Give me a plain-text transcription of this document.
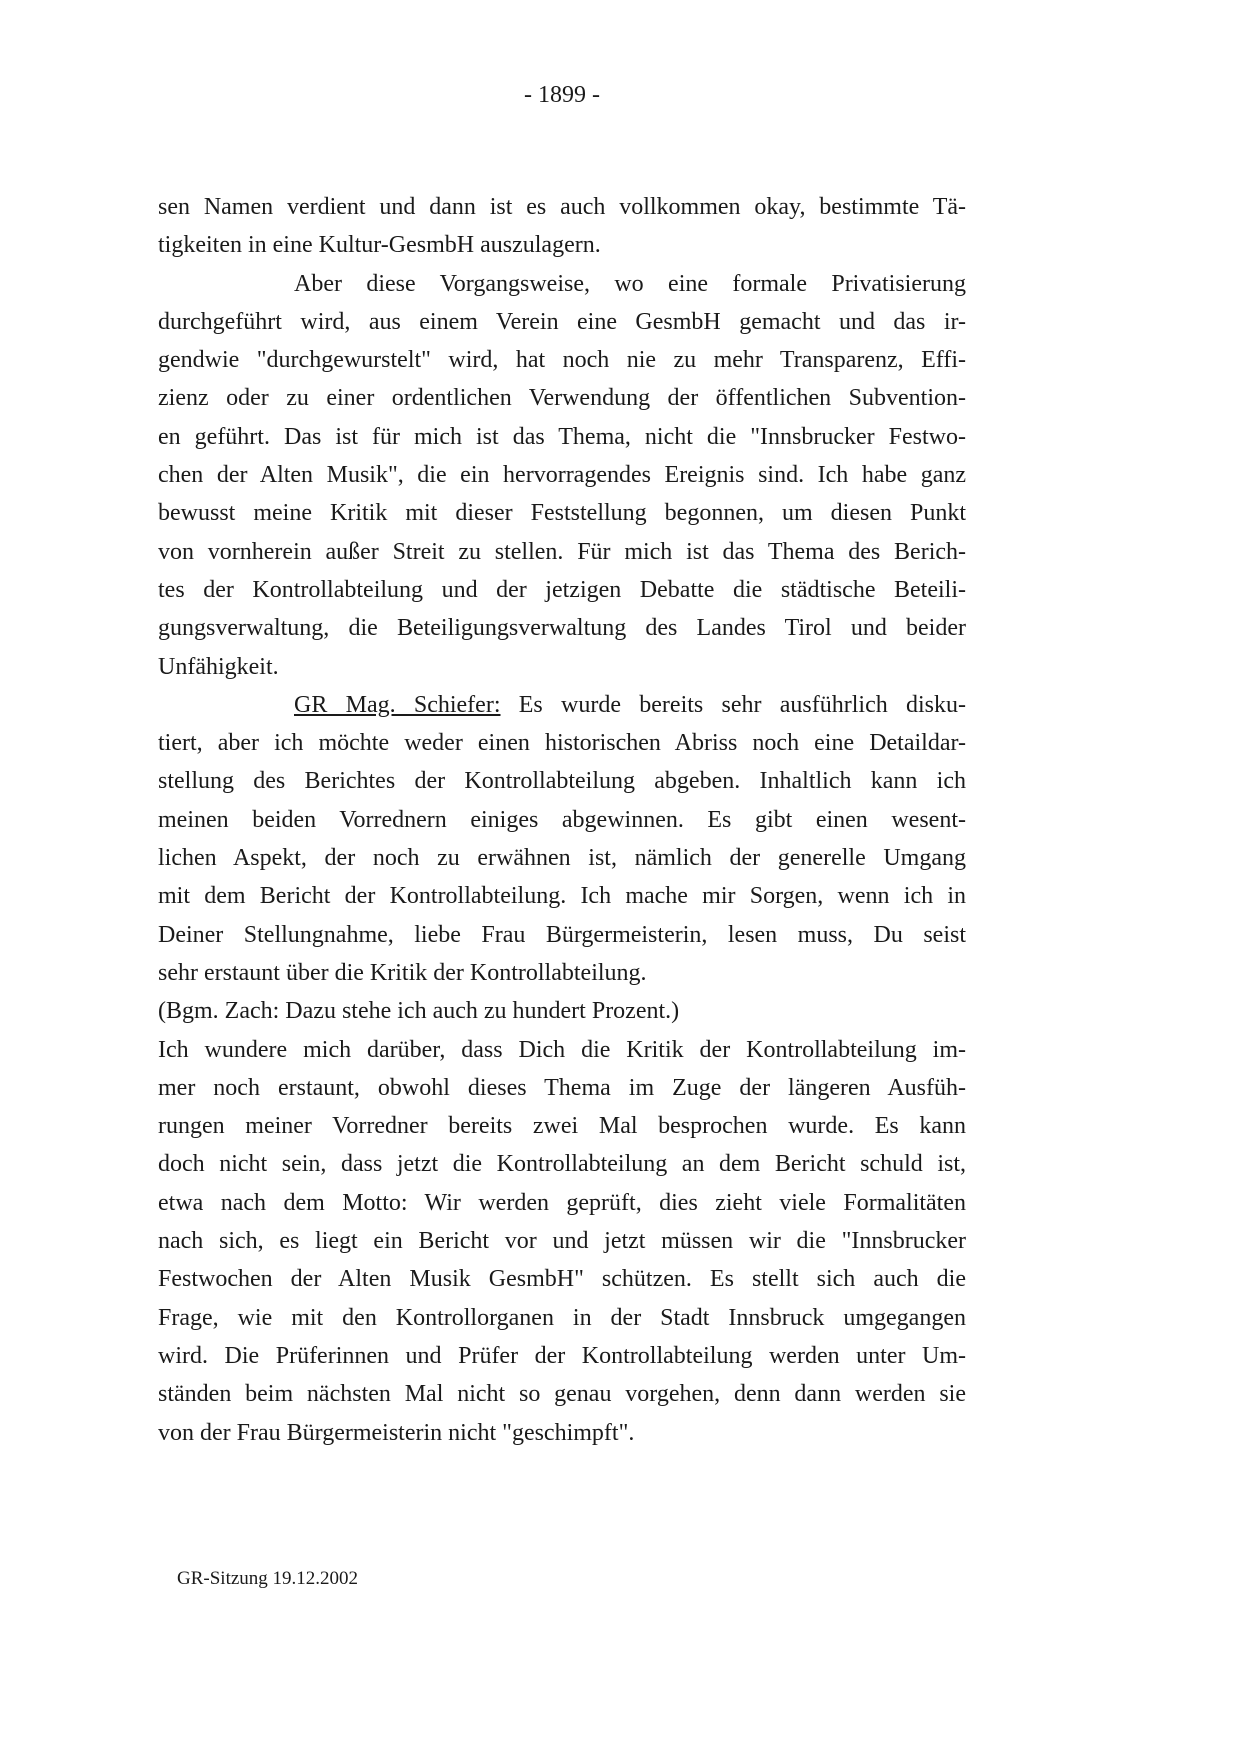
- 1899 -
sen Namen verdient und dann ist es auch vollkommen okay, bestimmte Tä-
tigkeiten in eine Kultur-GesmbH auszulagern.
Aber diese Vorgangsweise, wo eine formale Privatisierung
durchgeführt wird, aus einem Verein eine GesmbH gemacht und das ir-
gendwie "durchgewurstelt" wird, hat noch nie zu mehr Transparenz, Effi-
zienz oder zu einer ordentlichen Verwendung der öffentlichen Subvention-
en geführt. Das ist für mich ist das Thema, nicht die "Innsbrucker Festwo-
chen der Alten Musik", die ein hervorragendes Ereignis sind. Ich habe ganz
bewusst meine Kritik mit dieser Feststellung begonnen, um diesen Punkt
von vornherein außer Streit zu stellen. Für mich ist das Thema des Berich-
tes der Kontrollabteilung und der jetzigen Debatte die städtische Beteili-
gungsverwaltung, die Beteiligungsverwaltung des Landes Tirol und beider
Unfähigkeit.
GR Mag. Schiefer: Es wurde bereits sehr ausführlich disku-
tiert, aber ich möchte weder einen historischen Abriss noch eine Detaildar-
stellung des Berichtes der Kontrollabteilung abgeben. Inhaltlich kann ich
meinen beiden Vorrednern einiges abgewinnen. Es gibt einen wesent-
lichen Aspekt, der noch zu erwähnen ist, nämlich der generelle Umgang
mit dem Bericht der Kontrollabteilung. Ich mache mir Sorgen, wenn ich in
Deiner Stellungnahme, liebe Frau Bürgermeisterin, lesen muss, Du seist
sehr erstaunt über die Kritik der Kontrollabteilung.
(Bgm. Zach: Dazu stehe ich auch zu hundert Prozent.)
Ich wundere mich darüber, dass Dich die Kritik der Kontrollabteilung im-
mer noch erstaunt, obwohl dieses Thema im Zuge der längeren Ausfüh-
rungen meiner Vorredner bereits zwei Mal besprochen wurde. Es kann
doch nicht sein, dass jetzt die Kontrollabteilung an dem Bericht schuld ist,
etwa nach dem Motto: Wir werden geprüft, dies zieht viele Formalitäten
nach sich, es liegt ein Bericht vor und jetzt müssen wir die "Innsbrucker
Festwochen der Alten Musik GesmbH" schützen. Es stellt sich auch die
Frage, wie mit den Kontrollorganen in der Stadt Innsbruck umgegangen
wird. Die Prüferinnen und Prüfer der Kontrollabteilung werden unter Um-
ständen beim nächsten Mal nicht so genau vorgehen, denn dann werden sie
von der Frau Bürgermeisterin nicht "geschimpft".
GR-Sitzung 19.12.2002
